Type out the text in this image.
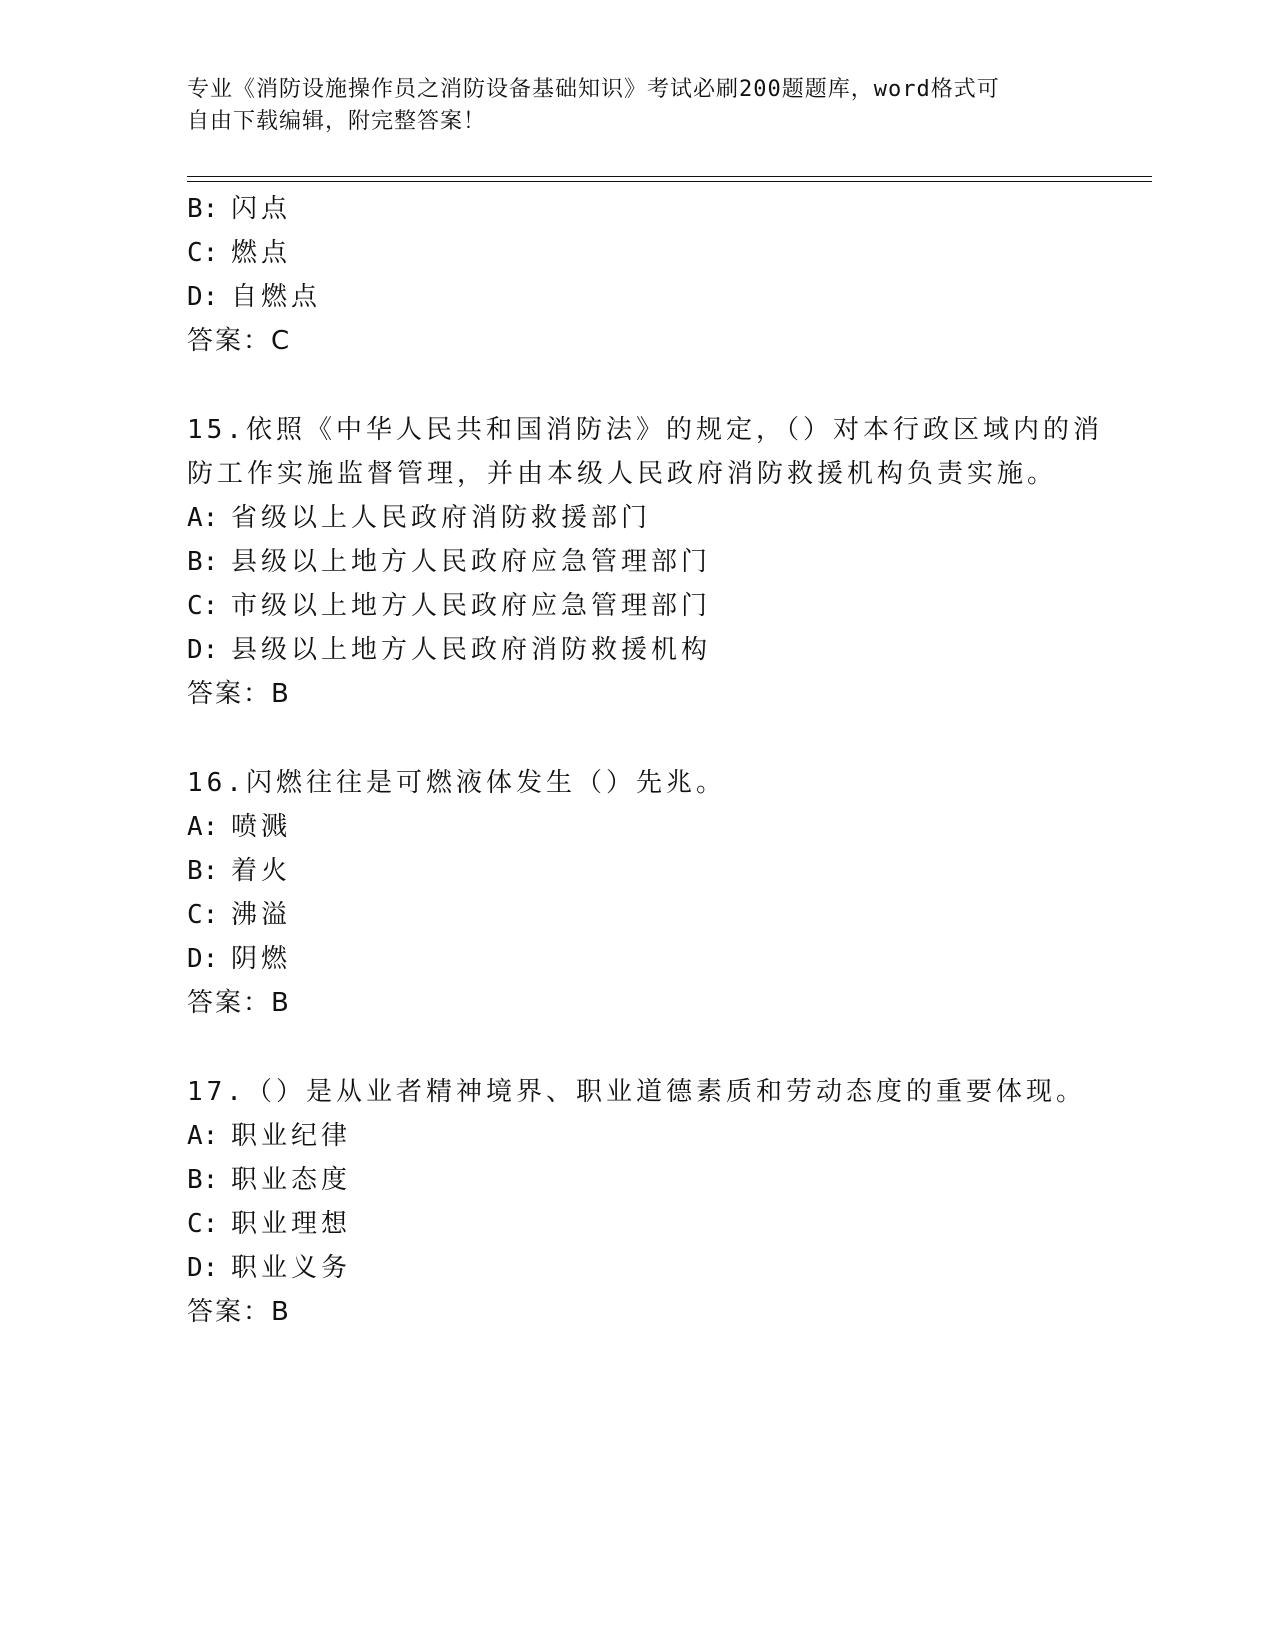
专业《消防设施操作员之消防设备基础知识》考试必刷200题题库，word格式可
自由下载编辑，附完整答案！
B: 闪点
C: 燃点
D: 自燃点
答案：C
15.依照《中华人民共和国消防法》的规定，（）对本行政区域内的消
防工作实施监督管理，并由本级人民政府消防救援机构负责实施。
A: 省级以上人民政府消防救援部门
B: 县级以上地方人民政府应急管理部门
C: 市级以上地方人民政府应急管理部门
D: 县级以上地方人民政府消防救援机构
答案：B
16.闪燃往往是可燃液体发生（）先兆。
A: 喷溅
B: 着火
C: 沸溢
D: 阴燃
答案：B
17.（）是从业者精神境界、职业道德素质和劳动态度的重要体现。
A: 职业纪律
B: 职业态度
C: 职业理想
D: 职业义务
答案：B
